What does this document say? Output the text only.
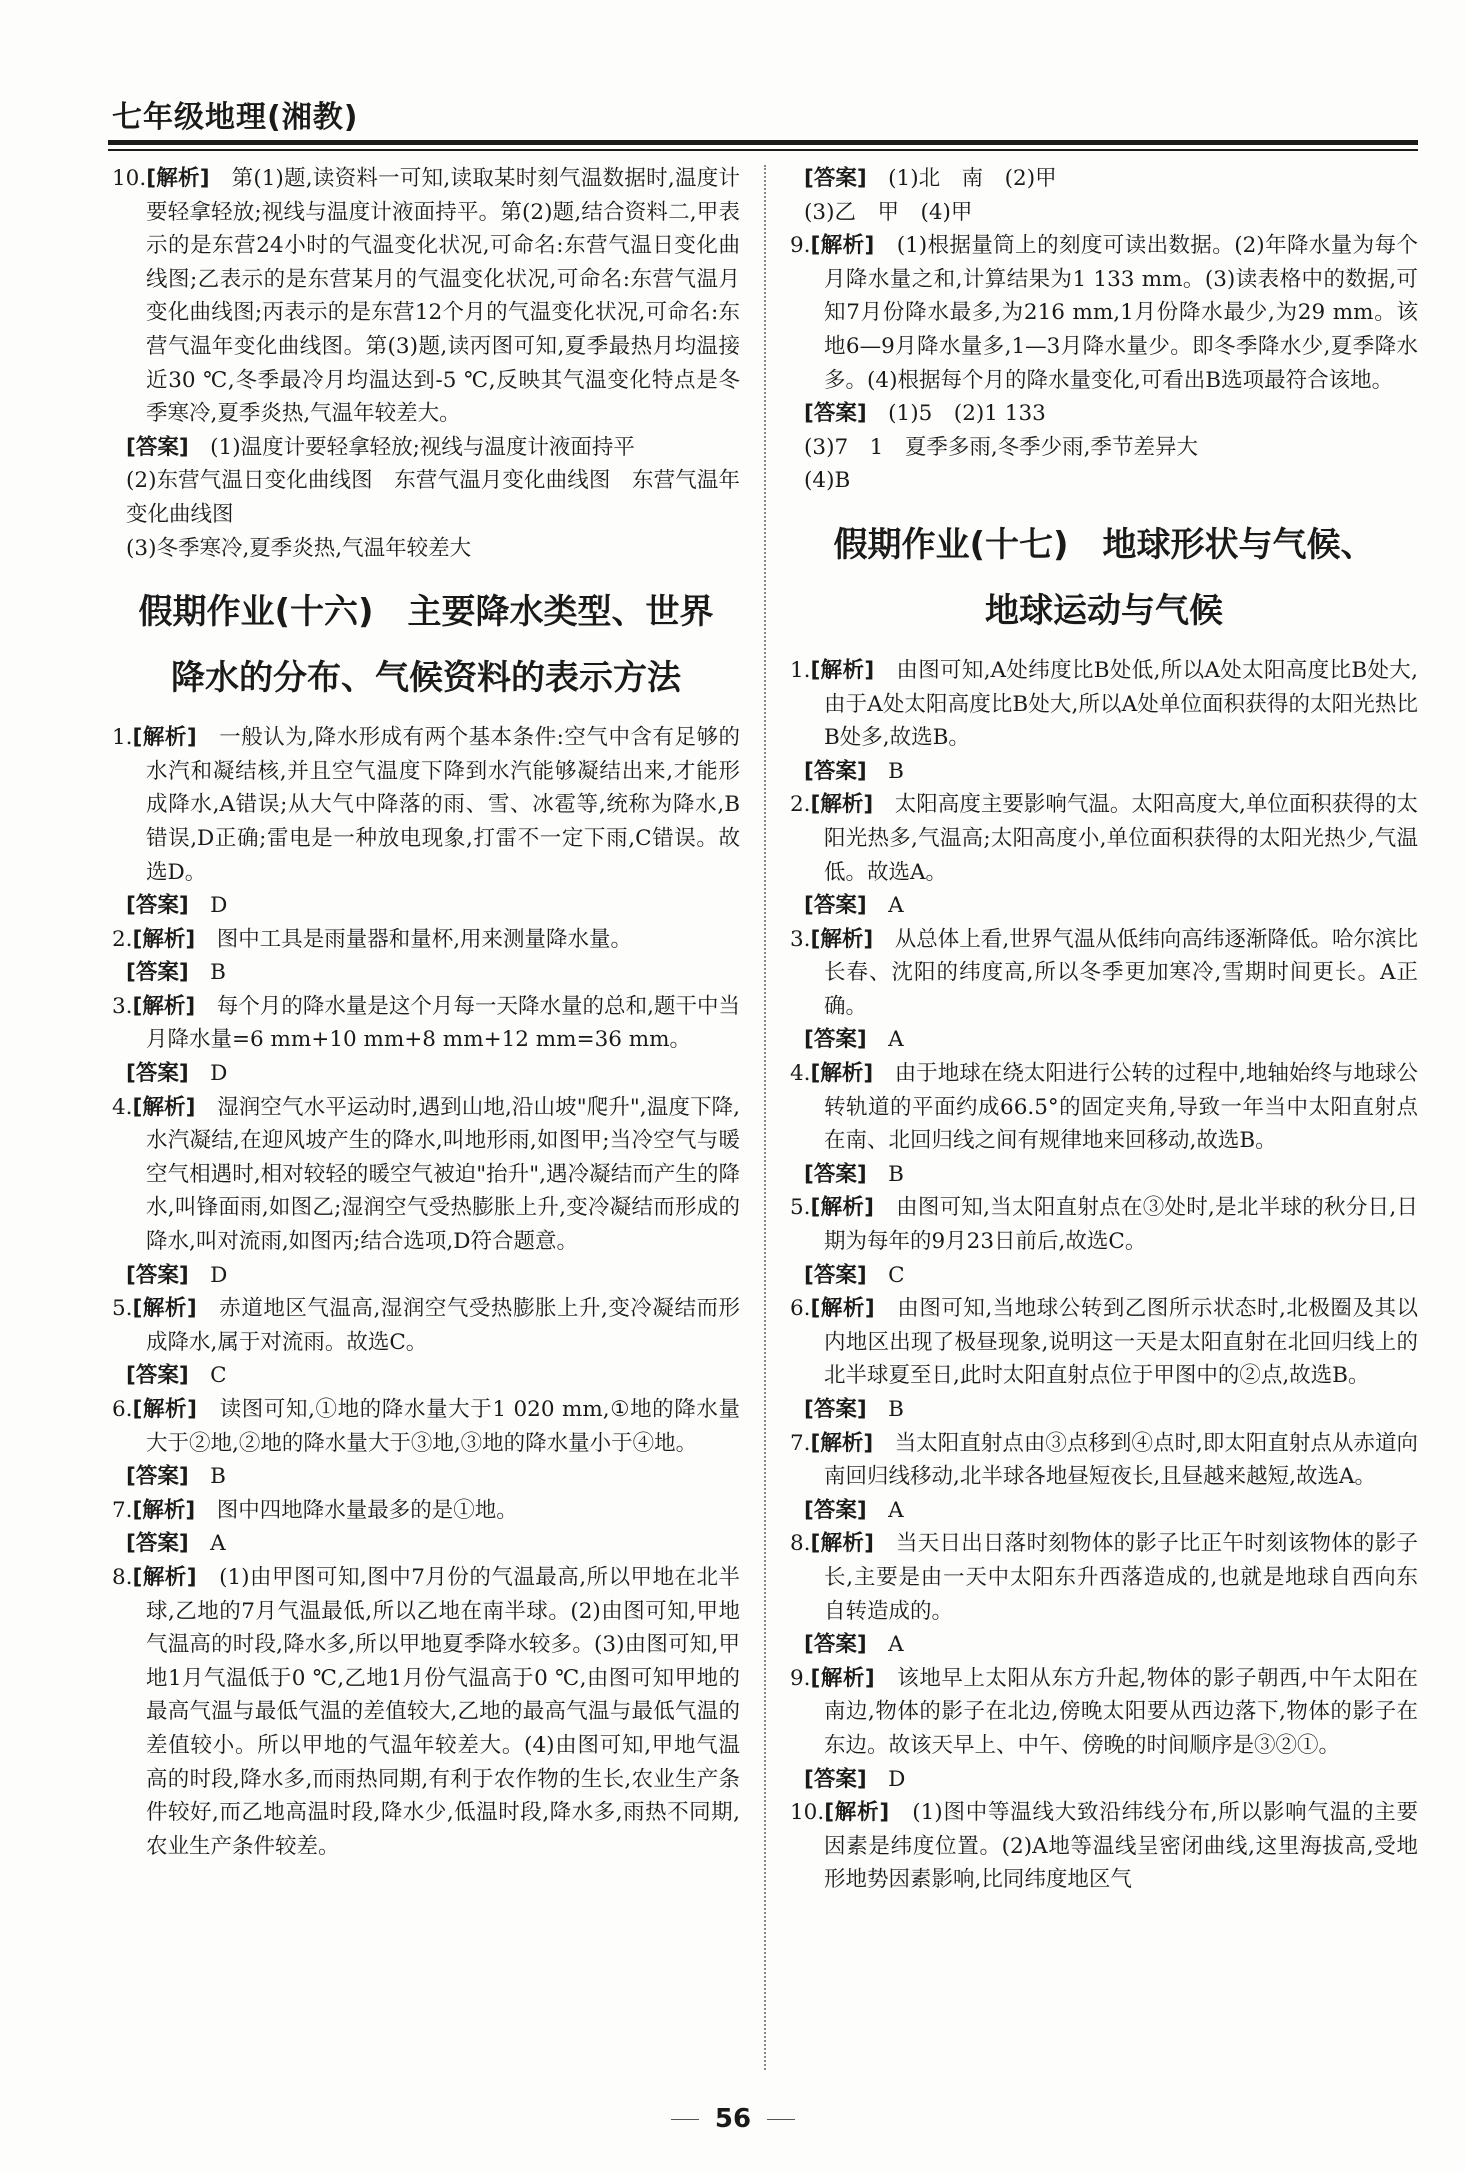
七年级地理(湘教)

10.[解析]　 第(1)题,读资料一可知,读取某时刻气温数据时,温度计要轻拿轻放;视线与温度计液面持平。第(2)题,结合资料二,甲表示的是东营24小时的气温变化状况,可命名:东营气温日变化曲线图;乙表示的是东营某月的气温变化状况,可命名:东营气温月变化曲线图;丙表示的是东营12个月的气温变化状况,可命名:东营气温年变化曲线图。第(3)题,读丙图可知,夏季最热月均温接近30 ℃,冬季最冷月均温达到-5 ℃,反映其气温变化特点是冬季寒冷,夏季炎热,气温年较差大。

[答案]　 (1)温度计要轻拿轻放;视线与温度计液面持平

(2)东营气温日变化曲线图　东营气温月变化曲线图　东营气温年变化曲线图

(3)冬季寒冷,夏季炎热,气温年较差大

假期作业(十六)　主要降水类型、世界
降水的分布、气候资料的表示方法

1.[解析]　 一般认为,降水形成有两个基本条件:空气中含有足够的水汽和凝结核,并且空气温度下降到水汽能够凝结出来,才能形成降水,A错误;从大气中降落的雨、雪、冰雹等,统称为降水,B错误,D正确;雷电是一种放电现象,打雷不一定下雨,C错误。故选D。

[答案]　 D

2.[解析]　 图中工具是雨量器和量杯,用来测量降水量。

[答案]　 B

3.[解析]　 每个月的降水量是这个月每一天降水量的总和,题干中当月降水量=6 mm+10 mm+8 mm+12 mm=36 mm。

[答案]　 D

4.[解析]　 湿润空气水平运动时,遇到山地,沿山坡"爬升",温度下降,水汽凝结,在迎风坡产生的降水,叫地形雨,如图甲;当冷空气与暖空气相遇时,相对较轻的暖空气被迫"抬升",遇冷凝结而产生的降水,叫锋面雨,如图乙;湿润空气受热膨胀上升,变冷凝结而形成的降水,叫对流雨,如图丙;结合选项,D符合题意。

[答案]　 D

5.[解析]　 赤道地区气温高,湿润空气受热膨胀上升,变冷凝结而形成降水,属于对流雨。故选C。

[答案]　 C

6.[解析]　 读图可知,①地的降水量大于1 020 mm,①地的降水量大于②地,②地的降水量大于③地,③地的降水量小于④地。

[答案]　 B

7.[解析]　 图中四地降水量最多的是①地。

[答案]　 A

8.[解析]　 (1)由甲图可知,图中7月份的气温最高,所以甲地在北半球,乙地的7月气温最低,所以乙地在南半球。(2)由图可知,甲地气温高的时段,降水多,所以甲地夏季降水较多。(3)由图可知,甲地1月气温低于0 ℃,乙地1月份气温高于0 ℃,由图可知甲地的最高气温与最低气温的差值较大,乙地的最高气温与最低气温的差值较小。所以甲地的气温年较差大。(4)由图可知,甲地气温高的时段,降水多,而雨热同期,有利于农作物的生长,农业生产条件较好,而乙地高温时段,降水少,低温时段,降水多,雨热不同期,农业生产条件较差。

[答案]　 (1)北　南　(2)甲

(3)乙　甲　(4)甲

9.[解析]　 (1)根据量筒上的刻度可读出数据。(2)年降水量为每个月降水量之和,计算结果为1 133 mm。(3)读表格中的数据,可知7月份降水最多,为216 mm,1月份降水最少,为29 mm。该地6—9月降水量多,1—3月降水量少。即冬季降水少,夏季降水多。(4)根据每个月的降水量变化,可看出B选项最符合该地。

[答案]　 (1)5　(2)1 133

(3)7　1　夏季多雨,冬季少雨,季节差异大

(4)B

假期作业(十七)　地球形状与气候、
地球运动与气候

1.[解析]　 由图可知,A处纬度比B处低,所以A处太阳高度比B处大,由于A处太阳高度比B处大,所以A处单位面积获得的太阳光热比B处多,故选B。

[答案]　 B

2.[解析]　 太阳高度主要影响气温。太阳高度大,单位面积获得的太阳光热多,气温高;太阳高度小,单位面积获得的太阳光热少,气温低。故选A。

[答案]　 A

3.[解析]　 从总体上看,世界气温从低纬向高纬逐渐降低。哈尔滨比长春、沈阳的纬度高,所以冬季更加寒冷,雪期时间更长。A正确。

[答案]　 A

4.[解析]　 由于地球在绕太阳进行公转的过程中,地轴始终与地球公转轨道的平面约成66.5°的固定夹角,导致一年当中太阳直射点在南、北回归线之间有规律地来回移动,故选B。

[答案]　 B

5.[解析]　 由图可知,当太阳直射点在③处时,是北半球的秋分日,日期为每年的9月23日前后,故选C。

[答案]　 C

6.[解析]　 由图可知,当地球公转到乙图所示状态时,北极圈及其以内地区出现了极昼现象,说明这一天是太阳直射在北回归线上的北半球夏至日,此时太阳直射点位于甲图中的②点,故选B。

[答案]　 B

7.[解析]　 当太阳直射点由③点移到④点时,即太阳直射点从赤道向南回归线移动,北半球各地昼短夜长,且昼越来越短,故选A。

[答案]　 A

8.[解析]　 当天日出日落时刻物体的影子比正午时刻该物体的影子长,主要是由一天中太阳东升西落造成的,也就是地球自西向东自转造成的。

[答案]　 A

9.[解析]　 该地早上太阳从东方升起,物体的影子朝西,中午太阳在南边,物体的影子在北边,傍晚太阳要从西边落下,物体的影子在东边。故该天早上、中午、傍晚的时间顺序是③②①。

[答案]　 D

10.[解析]　 (1)图中等温线大致沿纬线分布,所以影响气温的主要因素是纬度位置。(2)A地等温线呈密闭曲线,这里海拔高,受地形地势因素影响,比同纬度地区气

56
